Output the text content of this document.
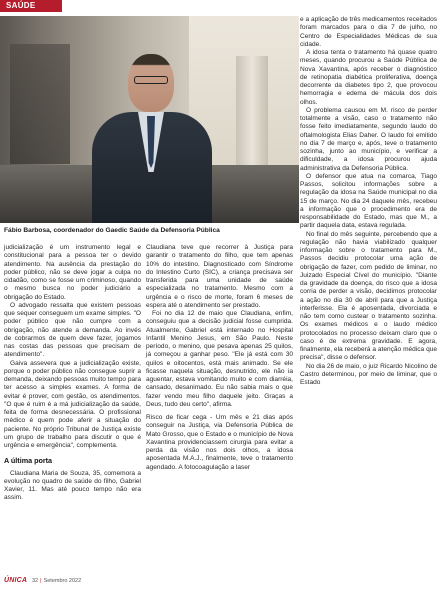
SAÚDE
Fábio Barbosa, coordenador do Gaedic Saúde da Defensoria Pública

judicialização é um instrumento legal e constitucional para a pessoa ter o devido atendimento. Na ausência da prestação do poder público, não se deve jogar a culpa no cidadão, como se fosse um criminoso, quando o mesmo busca no poder judiciário a obrigação do Estado.

O advogado ressalta que existem pessoas que sequer conseguem um exame simples. "O poder público que não cumpre com a obrigação, não atende a demanda. Ao invés de cobrarmos de quem deve fazer, jogamos nas costas das pessoas que precisam de atendimento".

Gaiva assevera que a judicialização existe, porque o poder público não consegue suprir a demanda, deixando pessoas muito tempo para ter acesso a simples exames. A forma de evitar é prover, com gestão, os atendimentos. "O que é ruim é a má judicialização da saúde, feita de forma desnecessária. O profissional médico é quem pode aferir a situação do paciente. No próprio Tribunal de Justiça existe um grupo de trabalho para discutir o que é urgência e emergência", complementa.

A última porta

Claudiana Maria de Souza, 35, comemora a evolução no quadro de saúde do filho, Gabriel Xavier, 11. Mas até pouco tempo não era assim.

Claudiana teve que recorrer à Justiça para garantir o tratamento do filho, que tem apenas 10% do intestino. Diagnosticado com Síndrome do Intestino Curto (SIC), a criança precisava ser transferida para uma unidade de saúde especializada no tratamento. Mesmo com a urgência e o risco de morte, foram 6 meses de espera até o atendimento ser prestado.

Foi no dia 12 de maio que Claudiana, enfim, conseguiu que a decisão judicial fosse cumprida. Atualmente, Gabriel está internado no Hospital Infantil Menino Jesus, em São Paulo. Neste período, o menino, que pesava apenas 25 quilos, já começou a ganhar peso. "Ele já está com 30 quilos e oitocentos, está mais animado. Se ele ficasse naquela situação, desnutrido, ele não ia aguentar, estava vomitando muito e com diarréia, cansado, desanimado. Eu não sabia mais o que fazer vendo meu filho daquele jeito. Graças a Deus, tudo deu certo", afirma.

Risco de ficar cega - Um mês e 21 dias após conseguir na Justiça, via Defensoria Pública de Mato Grosso, que o Estado e o município de Nova Xavantina providenciassem cirurgia para evitar a perda da visão nos dois olhos, a idosa aposentada M.A.J., finalmente, teve o tratamento agendado. A fotocoagulação a laser

e a aplicação de três medicamentos receitados foram marcados para o dia 7 de julho, no Centro de Especialidades Médicas de sua cidade.

A idosa tenta o tratamento há quase quatro meses, quando procurou a Saúde Pública de Nova Xavantina, após receber o diagnóstico de retinopatia diabética proliferativa, doença decorrente da diabetes tipo 2, que provocou hemorragia e edema de mácula dos dois olhos.

O problema causou em M. risco de perder totalmente a visão, caso o tratamento não fosse feito imediatamente, segundo laudo do oftalmologista Elias Daher. O laudo foi emitido no dia 7 de março e, após, teve o tratamento sozinha, junto ao município, e verificar a dificuldade, a idosa procurou ajuda administrativa da Defensoria Pública.

O defensor que atua na comarca, Tiago Passos, solicitou informações sobre a regulação da idosa na Saúde municipal no dia 15 de março. No dia 24 daquele mês, recebeu a informação que o procedimento era de responsabilidade do Estado, mas que M., a partir daquela data, estava regulada.

No final do mês seguinte, percebendo que a regulação não havia viabilizado qualquer informação sobre o tratamento para M., Passos decidiu protocolar uma ação de obrigação de fazer, com pedido de liminar, no Juizado Especial Cível do município. "Diante da gravidade da doença, do risco que a idosa corria de perder a visão, decidimos protocolar a ação no dia 30 de abril para que a Justiça interferisse. Ela é aposentada, divorciada e não tem como custear o tratamento sozinha. Os exames médicos e o laudo médico protocolados no processo deixam claro que o caso é de extrema gravidade. E agora, finalmente, ela receberá a atenção médica que precisa", disse o defensor.

No dia 26 de maio, o juiz Ricardo Nicolino de Castro determinou, por meio de liminar, que o Estado

ÚNICA 32 | Setembro 2022
